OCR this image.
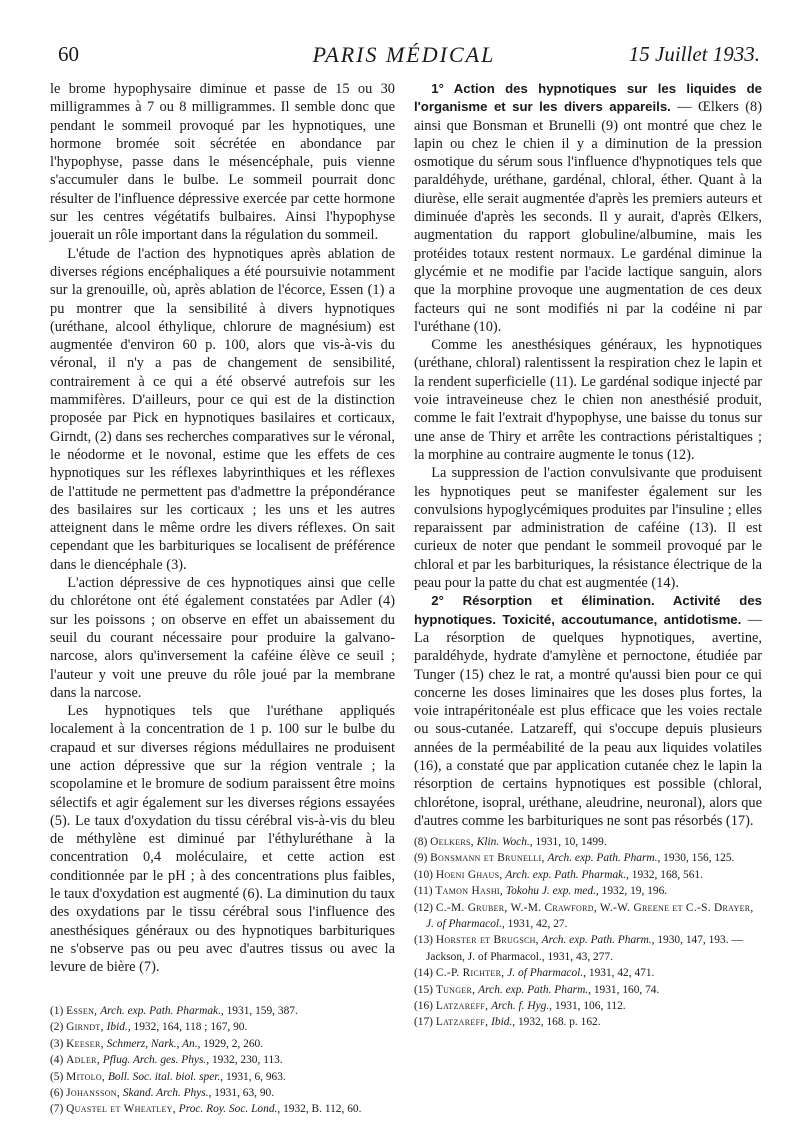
60	PARIS MÉDICAL	15 Juillet 1933.

le brome hypophysaire diminue et passe de 15 ou 30 milligrammes à 7 ou 8 milligrammes. Il semble donc que pendant le sommeil provoqué par les hypnotiques, une hormone bromée soit sécrétée en abondance par l'hypophyse, passe dans le mésencéphale, puis vienne s'accumuler dans le bulbe. Le sommeil pourrait donc résulter de l'influence dépressive exercée par cette hormone sur les centres végétatifs bulbaires. Ainsi l'hypophyse jouerait un rôle important dans la régulation du sommeil.

L'étude de l'action des hypnotiques après ablation de diverses régions encéphaliques a été poursuivie notamment sur la grenouille, où, après ablation de l'écorce, Essen (1) a pu montrer que la sensibilité à divers hypnotiques (uréthane, alcool éthylique, chlorure de magnésium) est augmentée d'environ 60 p. 100, alors que vis-à-vis du véronal, il n'y a pas de changement de sensibilité, contrairement à ce qui a été observé autrefois sur les mammifères. D'ailleurs, pour ce qui est de la distinction proposée par Pick en hypnotiques basilaires et corticaux, Girndt, (2) dans ses recherches comparatives sur le véronal, le néodorme et le novonal, estime que les effets de ces hypnotiques sur les réflexes labyrinthiques et les réflexes de l'attitude ne permettent pas d'admettre la prépondérance des basilaires sur les corticaux ; les uns et les autres atteignent dans le même ordre les divers réflexes. On sait cependant que les barbituriques se localisent de préférence dans le diencéphale (3).

L'action dépressive de ces hypnotiques ainsi que celle du chlorétone ont été également constatées par Adler (4) sur les poissons ; on observe en effet un abaissement du seuil du courant nécessaire pour produire la galvano-narcose, alors qu'inversement la caféine élève ce seuil ; l'auteur y voit une preuve du rôle joué par la membrane dans la narcose.

Les hypnotiques tels que l'uréthane appliqués localement à la concentration de 1 p. 100 sur le bulbe du crapaud et sur diverses régions médullaires ne produisent une action dépressive que sur la région ventrale ; la scopolamine et le bromure de sodium paraissent être moins sélectifs et agir également sur les diverses régions essayées (5). Le taux d'oxydation du tissu cérébral vis-à-vis du bleu de méthylène est diminué par l'éthyluréthane à la concentration 0,4 moléculaire, et cette action est conditionnée par le pH ; à des concentrations plus faibles, le taux d'oxydation est augmenté (6). La diminution du taux des oxydations par le tissu cérébral sous l'influence des anesthésiques généraux ou des hypnotiques barbituriques ne s'observe pas ou peu avec d'autres tissus ou avec la levure de bière (7).

1° Action des hypnotiques sur les liquides de l'organisme et sur les divers appareils. — Œlkers (8) ainsi que Bonsman et Brunelli (9) ont montré que chez le lapin ou chez le chien il y a diminution de la pression osmotique du sérum sous l'influence d'hypnotiques tels que paraldéhyde, uréthane, gardénal, chloral, éther. Quant à la diurèse, elle serait augmentée d'après les premiers auteurs et diminuée d'après les seconds. Il y aurait, d'après Œlkers, augmentation du rapport globuline/albumine, mais les protéides totaux restent normaux. Le gardénal diminue la glycémie et ne modifie par l'acide lactique sanguin, alors que la morphine provoque une augmentation de ces deux facteurs qui ne sont modifiés ni par la codéine ni par l'uréthane (10).

Comme les anesthésiques généraux, les hypnotiques (uréthane, chloral) ralentissent la respiration chez le lapin et la rendent superficielle (11). Le gardénal sodique injecté par voie intraveineuse chez le chien non anesthésié produit, comme le fait l'extrait d'hypophyse, une baisse du tonus sur une anse de Thiry et arrête les contractions péristaltiques ; la morphine au contraire augmente le tonus (12).

La suppression de l'action convulsivante que produisent les hypnotiques peut se manifester également sur les convulsions hypoglycémiques produites par l'insuline ; elles reparaissent par administration de caféine (13). Il est curieux de noter que pendant le sommeil provoqué par le chloral et par les barbituriques, la résistance électrique de la peau pour la patte du chat est augmentée (14).

2° Résorption et élimination. Activité des hypnotiques. Toxicité, accoutumance, antidotisme. — La résorption de quelques hypnotiques, avertine, paraldéhyde, hydrate d'amylène et pernoctone, étudiée par Tunger (15) chez le rat, a montré qu'aussi bien pour ce qui concerne les doses liminaires que les doses plus fortes, la voie intrapéritonéale est plus efficace que les voies rectale ou sous-cutanée. Latzareff, qui s'occupe depuis plusieurs années de la perméabilité de la peau aux liquides volatiles (16), a constaté que par application cutanée chez le lapin la résorption de certains hypnotiques est possible (chloral, chlorétone, isopral, uréthane, aleudrine, neuronal), alors que d'autres comme les barbituriques ne sont pas résorbés (17).

(1) Essen, Arch. exp. Path. Pharmak., 1931, 159, 387.

(2) Girndt, Ibid., 1932, 164, 118 ; 167, 90.

(3) Keeser, Schmerz, Nark., An., 1929, 2, 260.

(4) Adler, Pflug. Arch. ges. Phys., 1932, 230, 113.

(5) Mitolo, Boll. Soc. ital. biol. sper., 1931, 6, 963.

(6) Johansson, Skand. Arch. Phys., 1931, 63, 90.

(7) Quastel et Wheatley, Proc. Roy. Soc. Lond., 1932, B. 112, 60.

(8) Oelkers, Klin. Woch., 1931, 10, 1499.

(9) Bonsmann et Brunelli, Arch. exp. Path. Pharm., 1930, 156, 125.

(10) Hoeni Ghaus, Arch. exp. Path. Pharmak., 1932, 168, 561.

(11) Tamon Hashi, Tokohu J. exp. med., 1932, 19, 196.

(12) C.-M. Gruber, W.-M. Crawford, W.-W. Greene et C.-S. Drayer, J. of Pharmacol., 1931, 42, 27.

(13) Horster et Brugsch, Arch. exp. Path. Pharm., 1930, 147, 193. — Jackson, J. of Pharmacol., 1931, 43, 277.

(14) C.-P. Richter, J. of Pharmacol., 1931, 42, 471.

(15) Tunger, Arch. exp. Path. Pharm., 1931, 160, 74.

(16) Latzareff, Arch. f. Hyg., 1931, 106, 112.

(17) Latzareff, Ibid., 1932, 168. p. 162.
